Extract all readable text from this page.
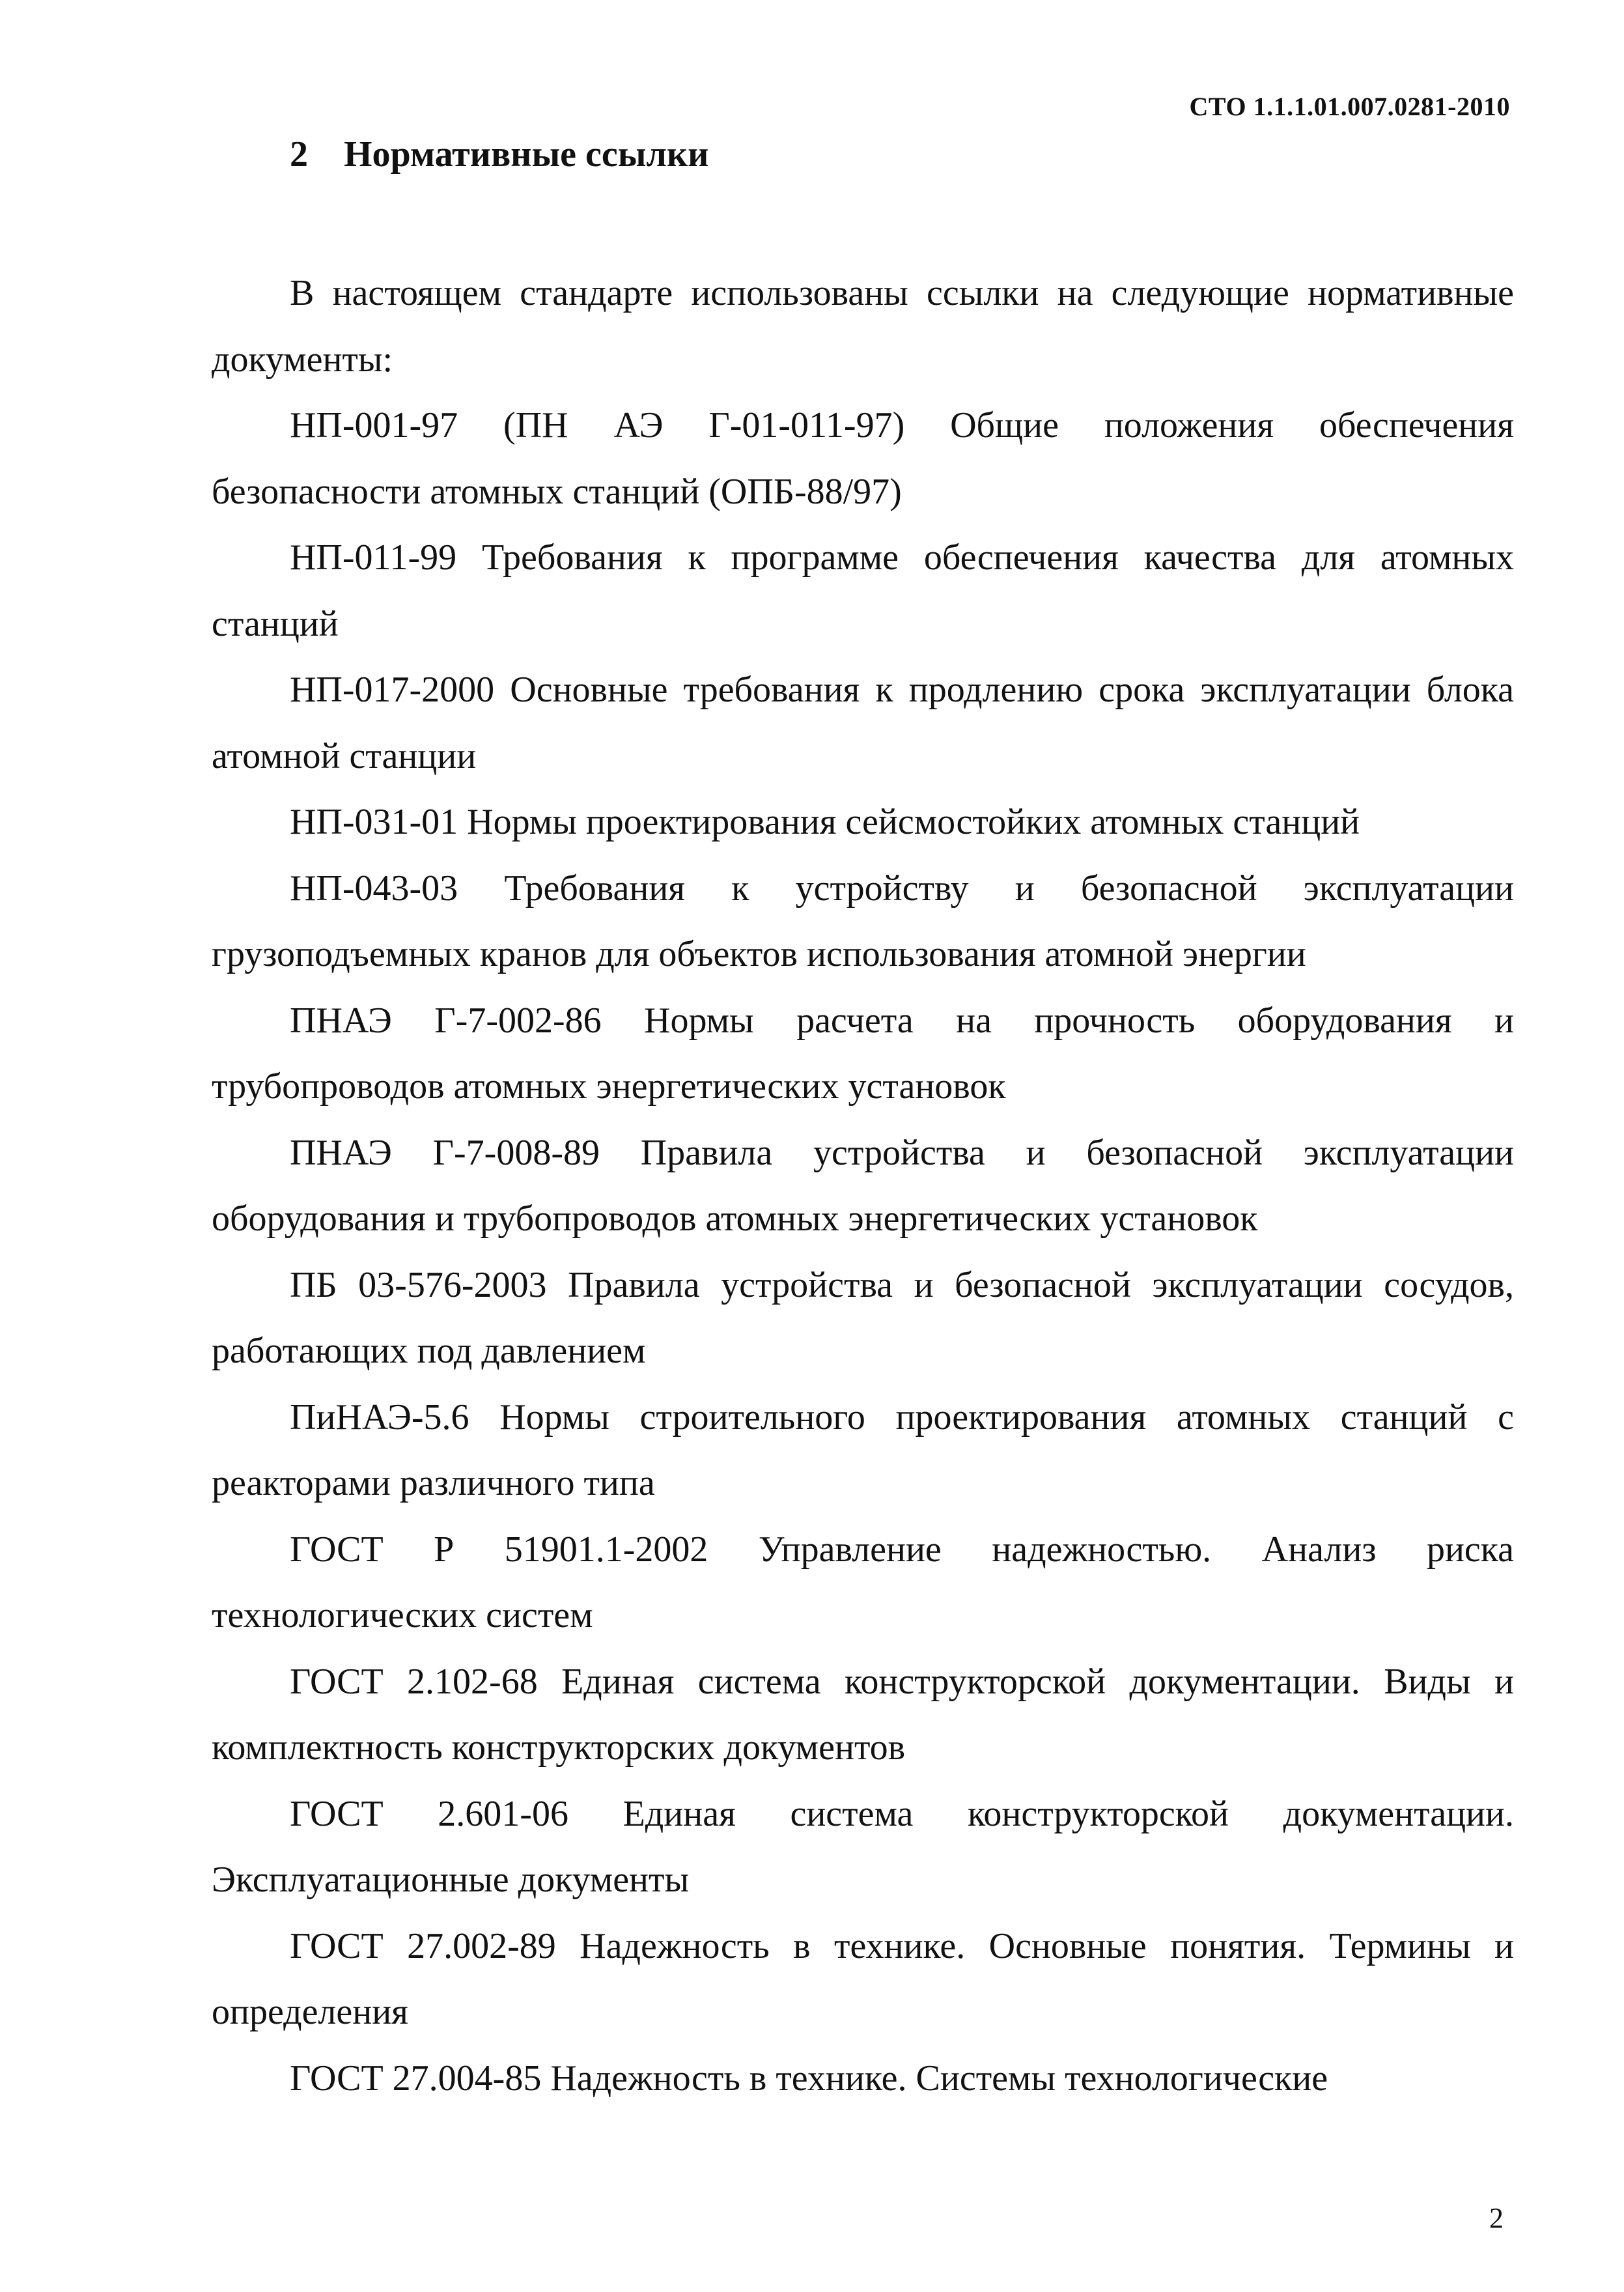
СТО 1.1.1.01.007.0281-2010
2 Нормативные ссылки

В настоящем стандарте использованы ссылки на следующие нормативные документы:

НП-001-97 (ПН АЭ Г-01-011-97) Общие положения обеспечения безопасности атомных станций (ОПБ-88/97)

НП-011-99 Требования к программе обеспечения качества для атомных станций

НП-017-2000 Основные требования к продлению срока эксплуатации блока атомной станции

НП-031-01 Нормы проектирования сейсмостойких атомных станций

НП-043-03 Требования к устройству и безопасной эксплуатации грузоподъемных кранов для объектов использования атомной энергии

ПНАЭ Г-7-002-86 Нормы расчета на прочность оборудования и трубопроводов атомных энергетических установок

ПНАЭ Г-7-008-89 Правила устройства и безопасной эксплуатации оборудования и трубопроводов атомных энергетических установок

ПБ 03-576-2003 Правила устройства и безопасной эксплуатации сосудов, работающих под давлением

ПиНАЭ-5.6 Нормы строительного проектирования атомных станций с реакторами различного типа

ГОСТ Р 51901.1-2002 Управление надежностью. Анализ риска технологических систем

ГОСТ 2.102-68 Единая система конструкторской документации. Виды и комплектность конструкторских документов

ГОСТ 2.601-06 Единая система конструкторской документации. Эксплуатационные документы

ГОСТ 27.002-89 Надежность в технике. Основные понятия. Термины и определения

ГОСТ 27.004-85 Надежность в технике. Системы технологические

2
